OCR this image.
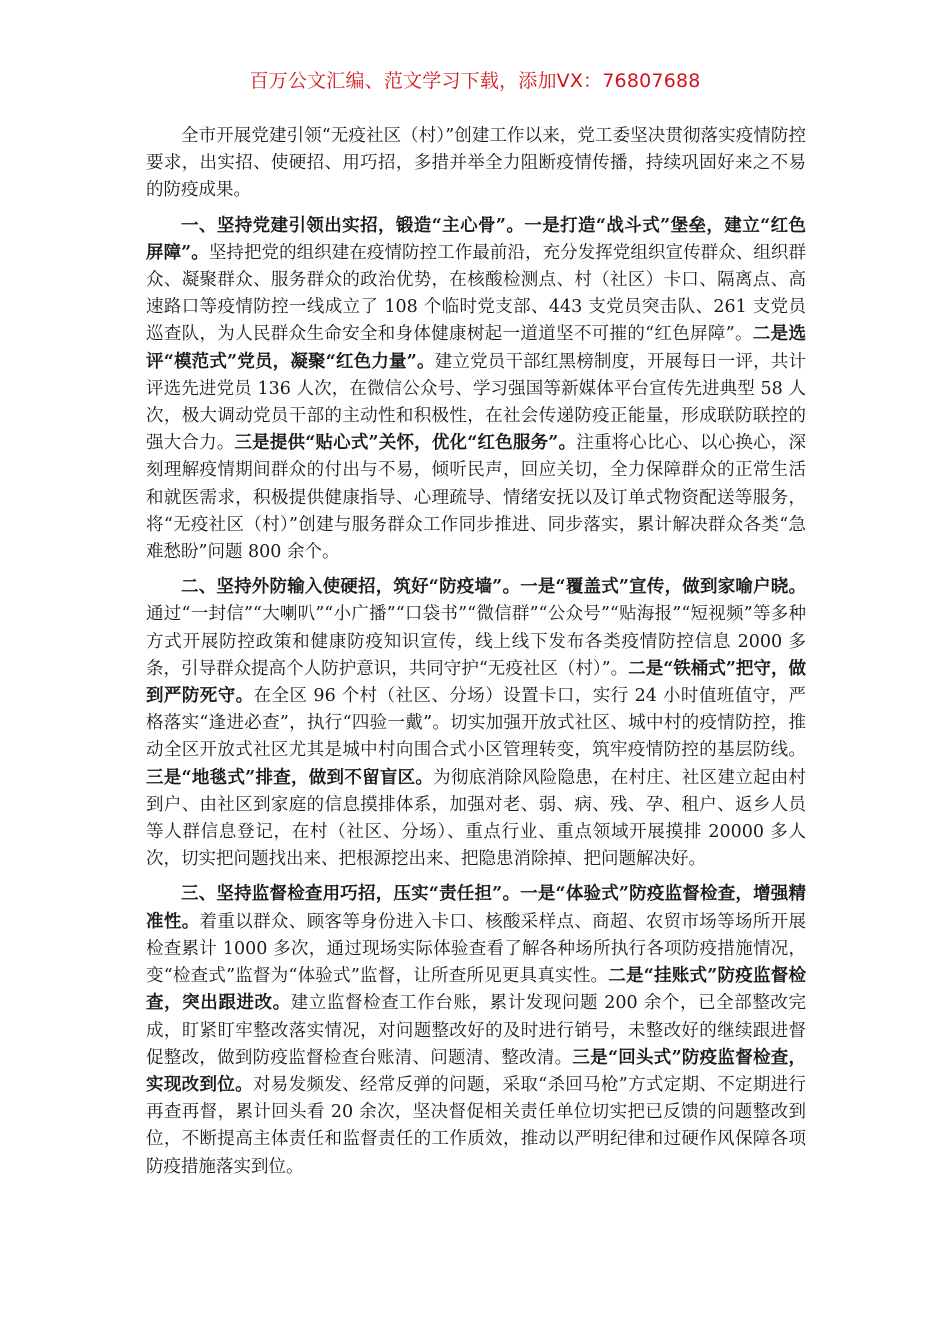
百万公文汇编、范文学习下载，添加VX：76807688

全市开展党建引领“无疫社区（村）”创建工作以来，党工委坚决贯彻落实疫情防控要求，出实招、使硬招、用巧招，多措并举全力阻断疫情传播，持续巩固好来之不易的防疫成果。

一、坚持党建引领出实招，锻造“主心骨”。一是打造“战斗式”堡垒，建立“红色屏障”。坚持把党的组织建在疫情防控工作最前沿，充分发挥党组织宣传群众、组织群众、凝聚群众、服务群众的政治优势，在核酸检测点、村（社区）卡口、隔离点、高速路口等疫情防控一线成立了 108 个临时党支部、443 支党员突击队、261 支党员巡查队，为人民群众生命安全和身体健康树起一道道坚不可摧的“红色屏障”。二是选评“模范式”党员，凝聚“红色力量”。建立党员干部红黑榜制度，开展每日一评，共计评选先进党员 136 人次，在微信公众号、学习强国等新媒体平台宣传先进典型 58 人次，极大调动党员干部的主动性和积极性，在社会传递防疫正能量，形成联防联控的强大合力。三是提供“贴心式”关怀，优化“红色服务”。注重将心比心、以心换心，深刻理解疫情期间群众的付出与不易，倾听民声，回应关切，全力保障群众的正常生活和就医需求，积极提供健康指导、心理疏导、情绪安抚以及订单式物资配送等服务，将“无疫社区（村）”创建与服务群众工作同步推进、同步落实，累计解决群众各类“急难愁盼”问题 800 余个。

二、坚持外防输入使硬招，筑好“防疫墙”。一是“覆盖式”宣传，做到家喻户晓。通过“一封信”“大喇叭”“小广播”“口袋书”“微信群”“公众号”“贴海报”“短视频”等多种方式开展防控政策和健康防疫知识宣传，线上线下发布各类疫情防控信息 2000 多条，引导群众提高个人防护意识，共同守护“无疫社区（村）”。二是“铁桶式”把守，做到严防死守。在全区 96 个村（社区、分场）设置卡口，实行 24 小时值班值守，严格落实“逢进必查”，执行“四验一戴”。切实加强开放式社区、城中村的疫情防控，推动全区开放式社区尤其是城中村向围合式小区管理转变，筑牢疫情防控的基层防线。三是“地毯式”排查，做到不留盲区。为彻底消除风险隐患，在村庄、社区建立起由村到户、由社区到家庭的信息摸排体系，加强对老、弱、病、残、孕、租户、返乡人员等人群信息登记，在村（社区、分场）、重点行业、重点领域开展摸排 20000 多人次，切实把问题找出来、把根源挖出来、把隐患消除掉、把问题解决好。

三、坚持监督检查用巧招，压实“责任担”。一是“体验式”防疫监督检查，增强精准性。着重以群众、顾客等身份进入卡口、核酸采样点、商超、农贸市场等场所开展检查累计 1000 多次，通过现场实际体验查看了解各种场所执行各项防疫措施情况，变“检查式”监督为“体验式”监督，让所查所见更具真实性。二是“挂账式”防疫监督检查，突出跟进改。建立监督检查工作台账，累计发现问题 200 余个，已全部整改完成，盯紧盯牢整改落实情况，对问题整改好的及时进行销号，未整改好的继续跟进督促整改，做到防疫监督检查台账清、问题清、整改清。三是“回头式”防疫监督检查，实现改到位。对易发频发、经常反弹的问题，采取“杀回马枪”方式定期、不定期进行再查再督，累计回头看 20 余次，坚决督促相关责任单位切实把已反馈的问题整改到位，不断提高主体责任和监督责任的工作质效，推动以严明纪律和过硬作风保障各项防疫措施落实到位。
